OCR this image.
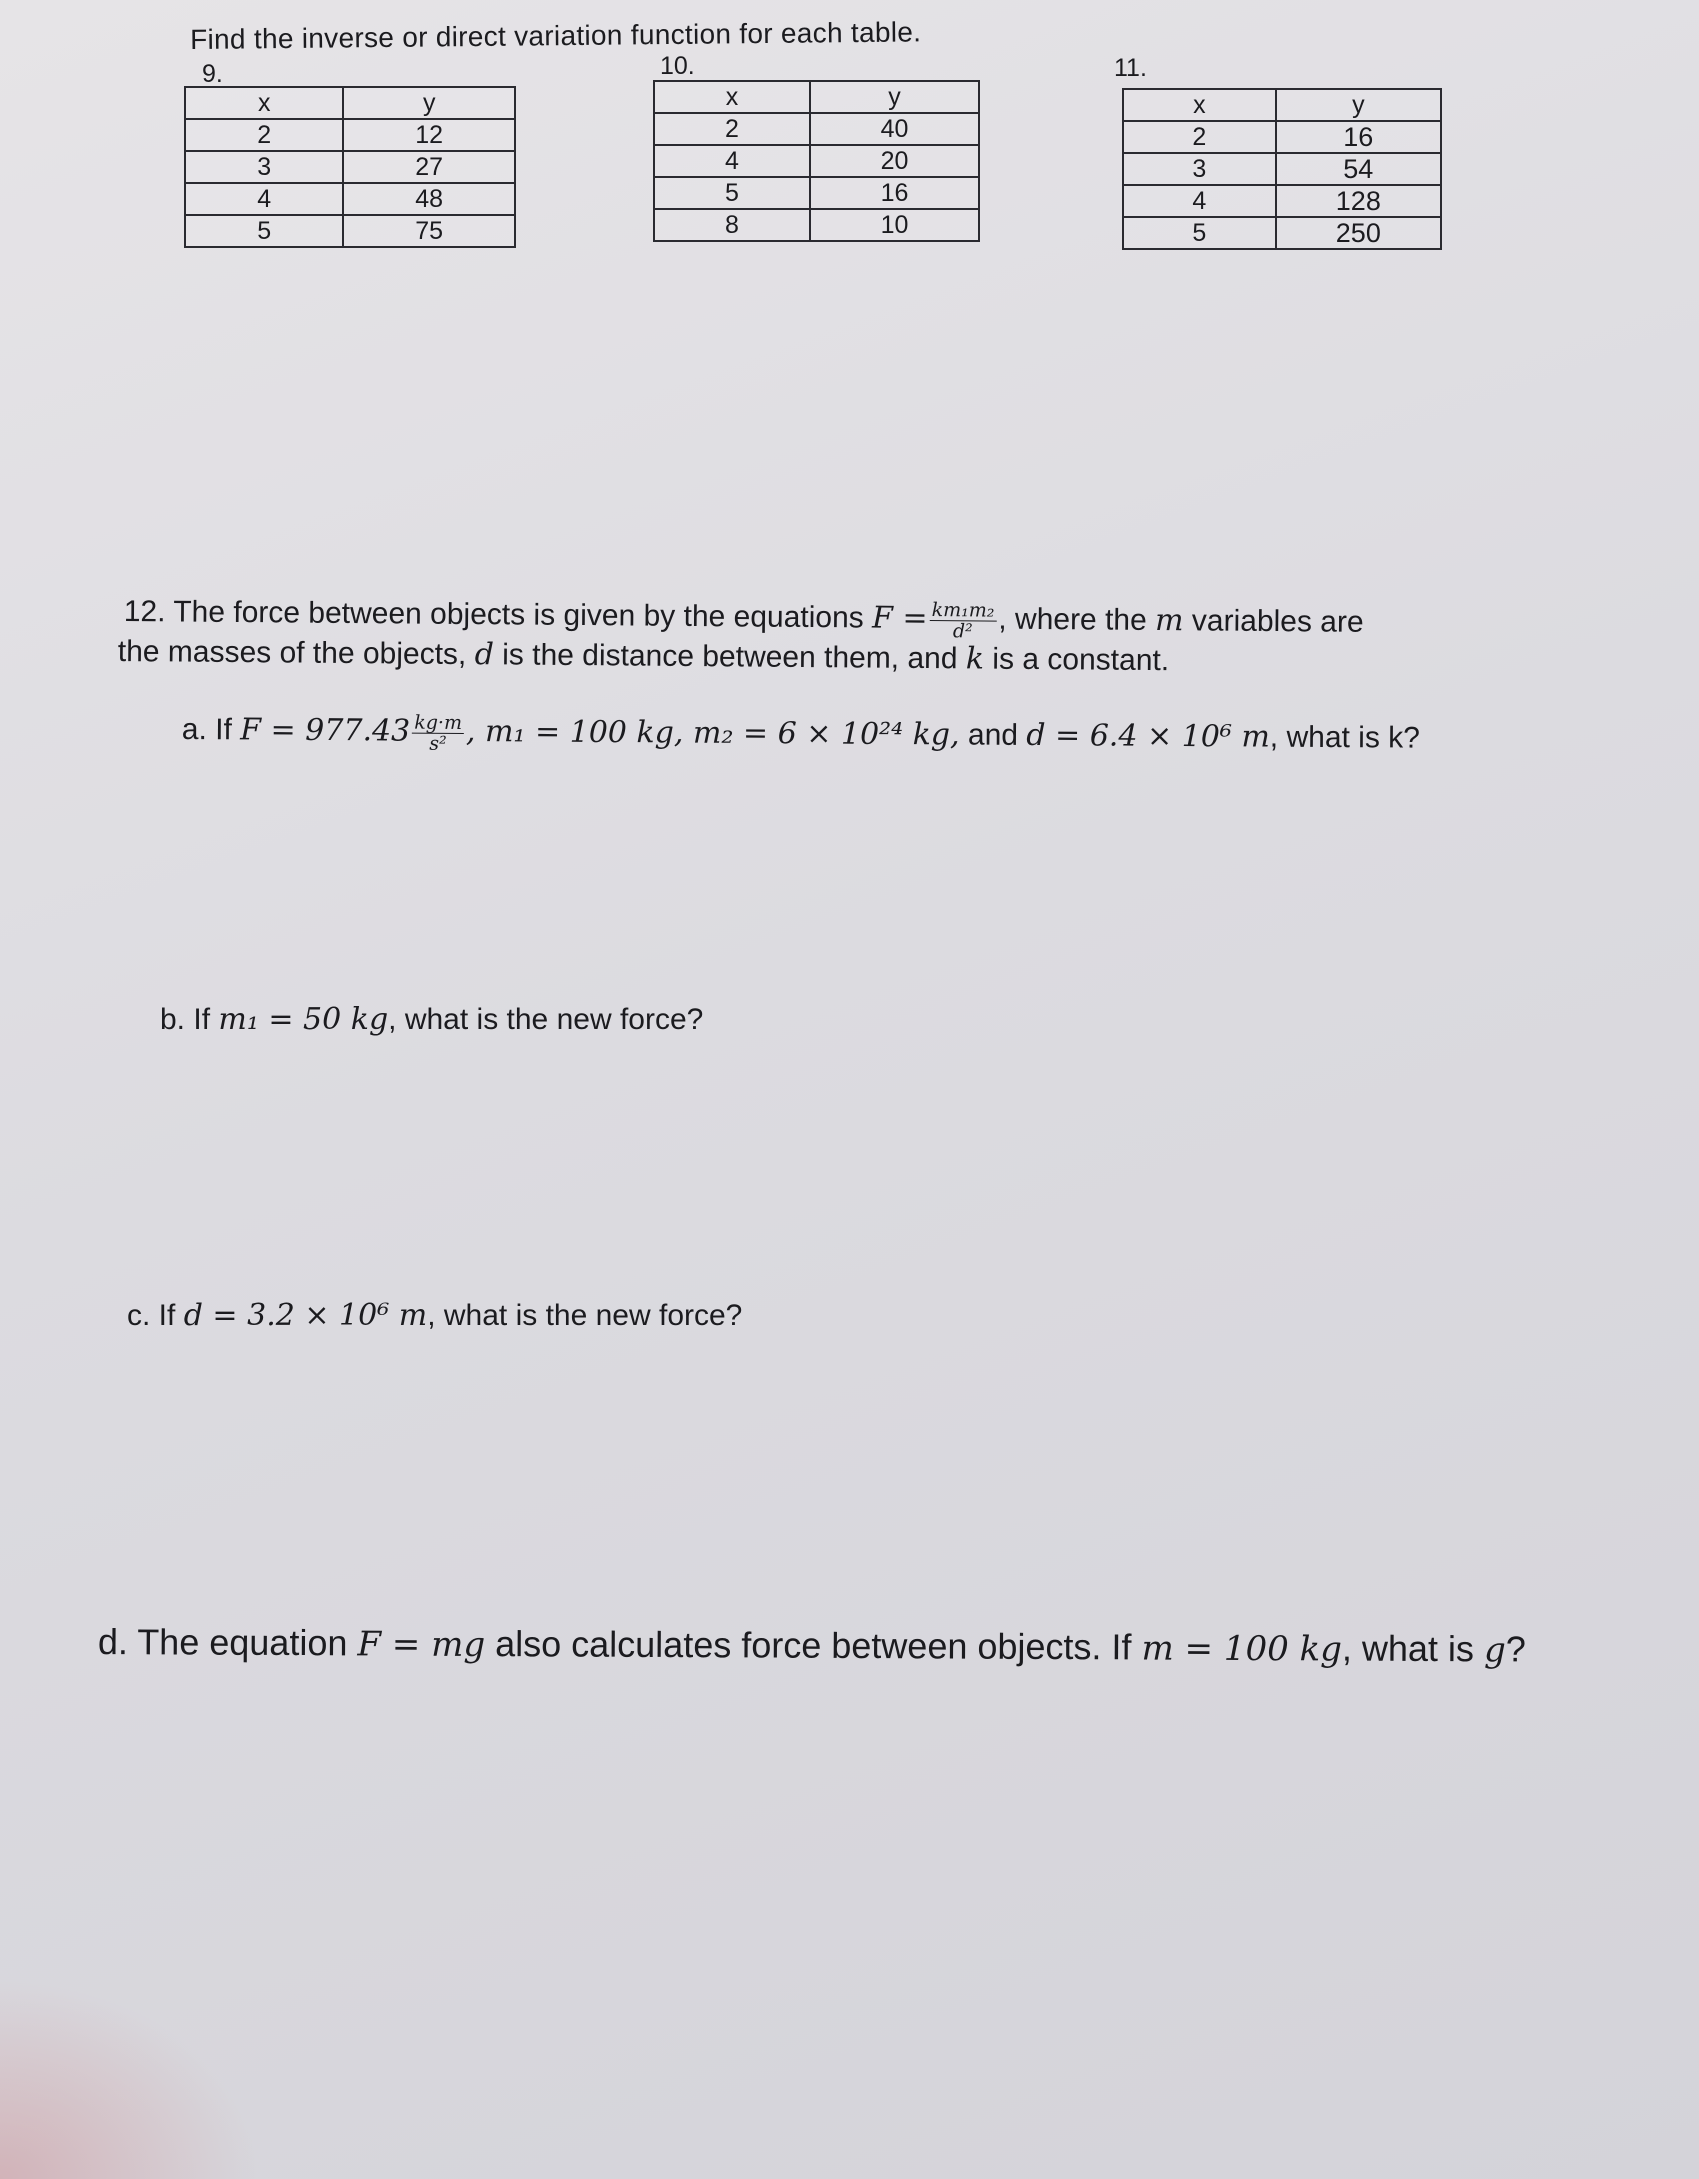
Find the inverse or direct variation function for each table.
9.
x	y
2	12
3	27
4	48
5	75
10.
x	y
2	40
4	20
5	16
8	10
11.
x	y
2	16
3	54
4	128
5	250
12. The force between objects is given by the equations $F = \frac{\text{km₁m₂}}{\text{d²}}$ , where the m variables are
the masses of the objects, d is the distance between them, and k is a constant.
a. If $F = 977.43 \frac{kg\cdot m}{\text{s²}}$ , m₁ = 100 kg, m₂ = 6 × 10²⁴ kg, and d = 6.4 × 10⁶ m, what is k?
b. If m₁ = 50 kg, what is the new force?
c. If d = 3.2 × 10⁶ m, what is the new force?
d. The equation F = mg also calculates force between objects. If m = 100 kg, what is g?
